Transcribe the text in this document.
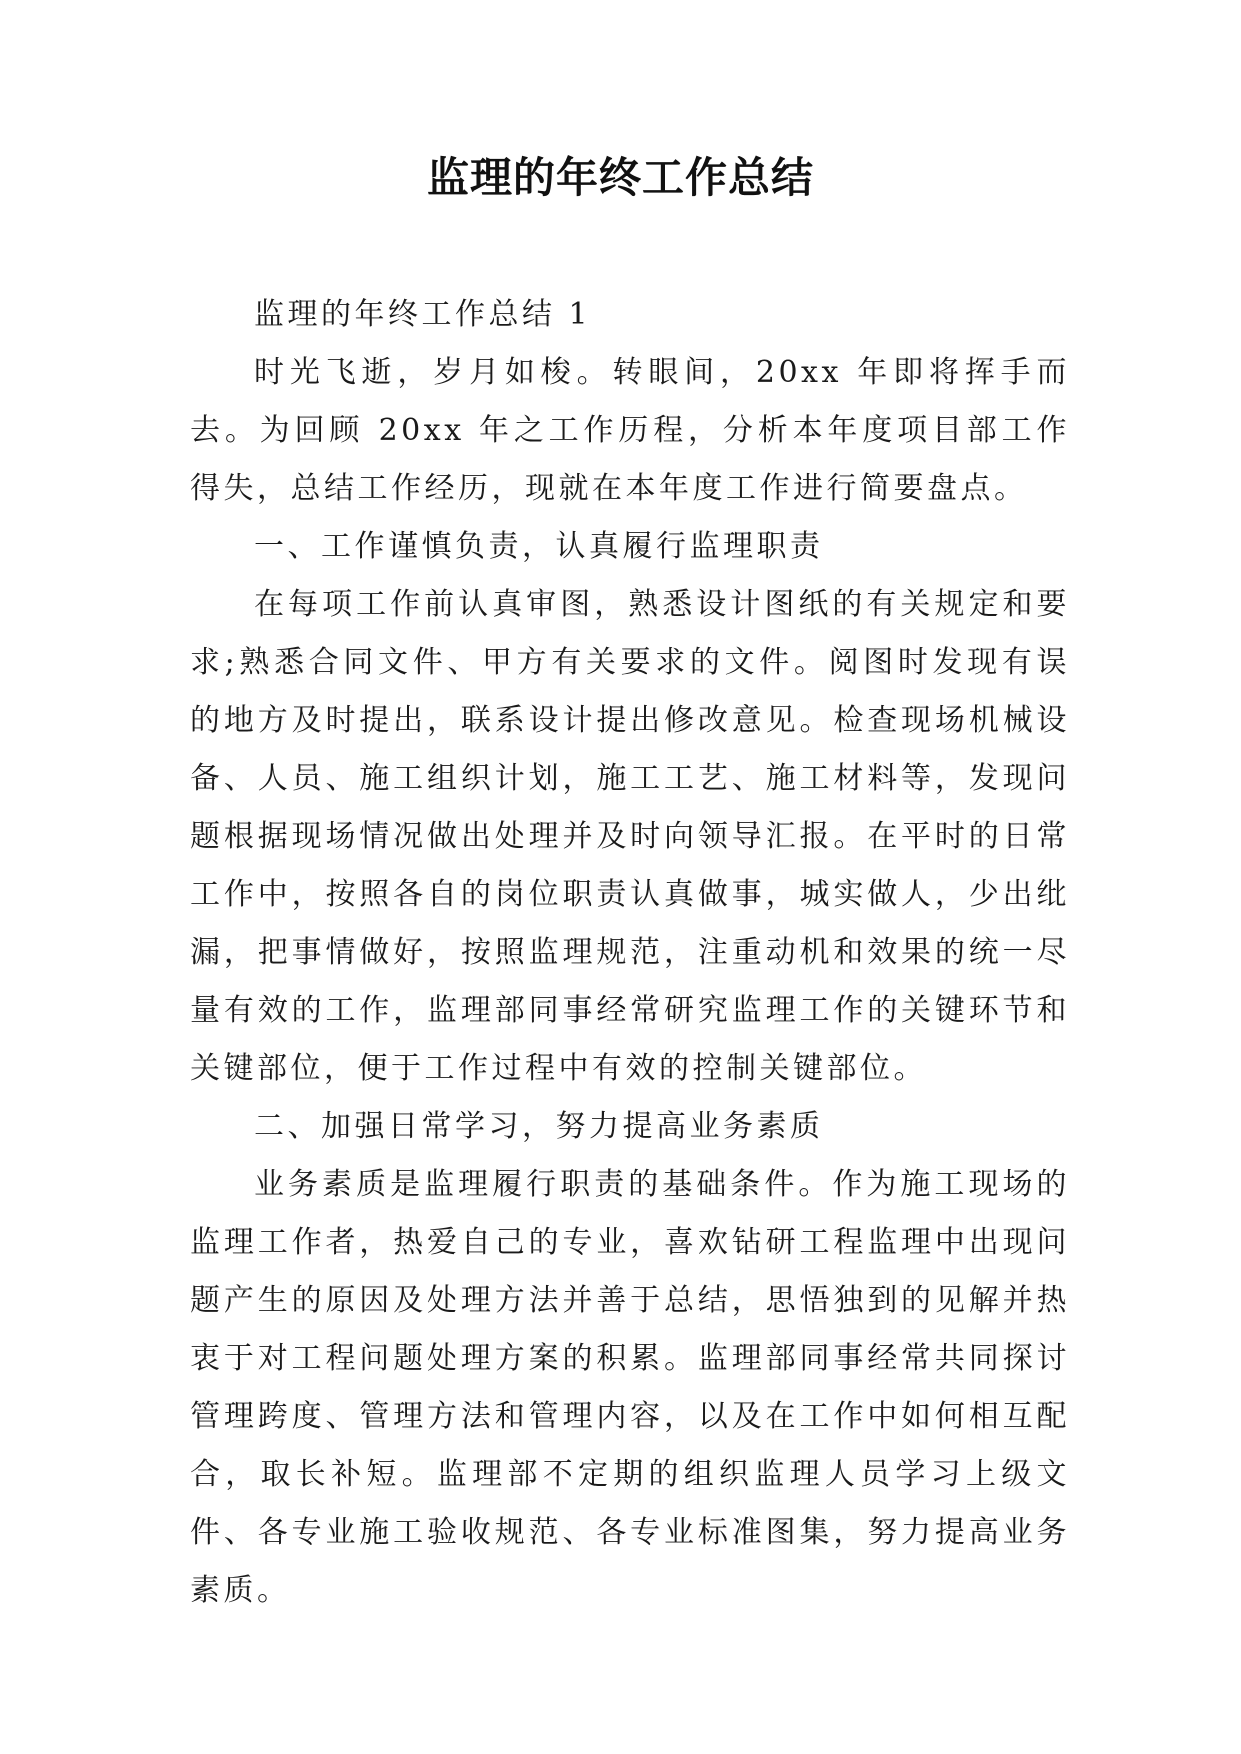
监理的年终工作总结

监理的年终工作总结 1

时光飞逝，岁月如梭。转眼间，20xx 年即将挥手而去。为回顾 20xx 年之工作历程，分析本年度项目部工作得失，总结工作经历，现就在本年度工作进行简要盘点。

一、工作谨慎负责，认真履行监理职责

在每项工作前认真审图，熟悉设计图纸的有关规定和要求;熟悉合同文件、甲方有关要求的文件。阅图时发现有误的地方及时提出，联系设计提出修改意见。检查现场机械设备、人员、施工组织计划，施工工艺、施工材料等，发现问题根据现场情况做出处理并及时向领导汇报。在平时的日常工作中，按照各自的岗位职责认真做事，城实做人，少出纰漏，把事情做好，按照监理规范，注重动机和效果的统一尽量有效的工作，监理部同事经常研究监理工作的关键环节和关键部位，便于工作过程中有效的控制关键部位。

二、加强日常学习，努力提高业务素质

业务素质是监理履行职责的基础条件。作为施工现场的监理工作者，热爱自己的专业，喜欢钻研工程监理中出现问题产生的原因及处理方法并善于总结，思悟独到的见解并热衷于对工程问题处理方案的积累。监理部同事经常共同探讨管理跨度、管理方法和管理内容，以及在工作中如何相互配合，取长补短。监理部不定期的组织监理人员学习上级文件、各专业施工验收规范、各专业标准图集，努力提高业务素质。
